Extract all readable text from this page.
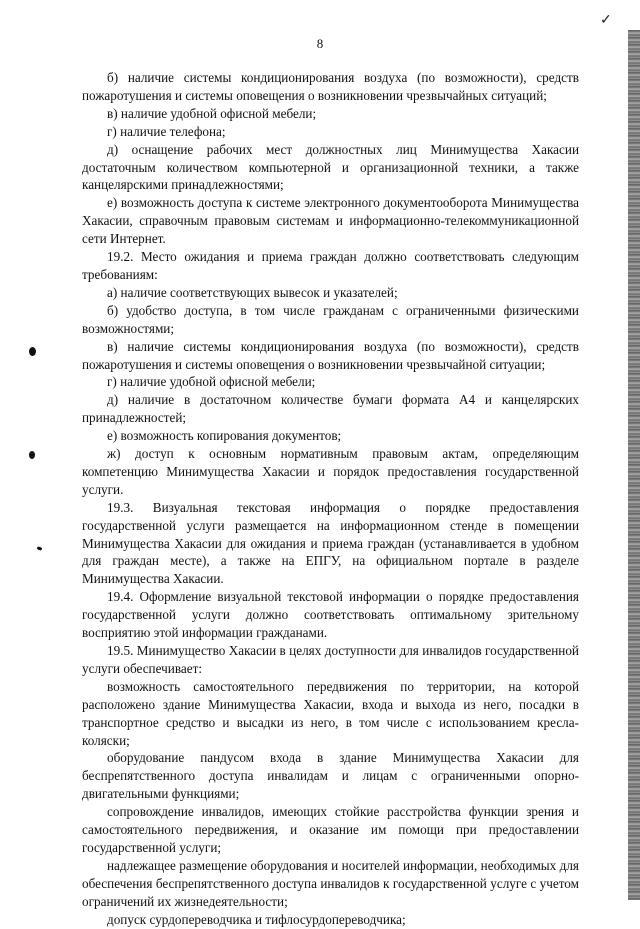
✓
8

б) наличие системы кондиционирования воздуха (по возможности), средств пожаротушения и системы оповещения о возникновении чрезвычайных ситуаций;

в) наличие удобной офисной мебели;

г) наличие телефона;

д) оснащение рабочих мест должностных лиц Минимущества Хакасии достаточным количеством компьютерной и организационной техники, а также канцелярскими принадлежностями;

е) возможность доступа к системе электронного документооборота Минимущества Хакасии, справочным правовым системам и информационно-телекоммуникационной сети Интернет.

19.2. Место ожидания и приема граждан должно соответствовать следующим требованиям:

а) наличие соответствующих вывесок и указателей;

б) удобство доступа, в том числе гражданам с ограниченными физическими возможностями;

в) наличие системы кондиционирования воздуха (по возможности), средств пожаротушения и системы оповещения о возникновении чрезвычайной ситуации;

г) наличие удобной офисной мебели;

д) наличие в достаточном количестве бумаги формата А4 и канцелярских принадлежностей;

е) возможность копирования документов;

ж) доступ к основным нормативным правовым актам, определяющим компетенцию Минимущества Хакасии и порядок предоставления государственной услуги.

19.3. Визуальная текстовая информация о порядке предоставления государственной услуги размещается на информационном стенде в помещении Минимущества Хакасии для ожидания и приема граждан (устанавливается в удобном для граждан месте), а также на ЕПГУ, на официальном портале в разделе Минимущества Хакасии.

19.4. Оформление визуальной текстовой информации о порядке предоставления государственной услуги должно соответствовать оптимальному зрительному восприятию этой информации гражданами.

19.5. Минимущество Хакасии в целях доступности для инвалидов государственной услуги обеспечивает:

возможность самостоятельного передвижения по территории, на которой расположено здание Минимущества Хакасии, входа и выхода из него, посадки в транспортное средство и высадки из него, в том числе с использованием кресла-коляски;

оборудование пандусом входа в здание Минимущества Хакасии для беспрепятственного доступа инвалидам и лицам с ограниченными опорно-двигательными функциями;

сопровождение инвалидов, имеющих стойкие расстройства функции зрения и самостоятельного передвижения, и оказание им помощи при предоставлении государственной услуги;

надлежащее размещение оборудования и носителей информации, необходимых для обеспечения беспрепятственного доступа инвалидов к государственной услуге с учетом ограничений их жизнедеятельности;

допуск сурдопереводчика и тифлосурдопереводчика;
